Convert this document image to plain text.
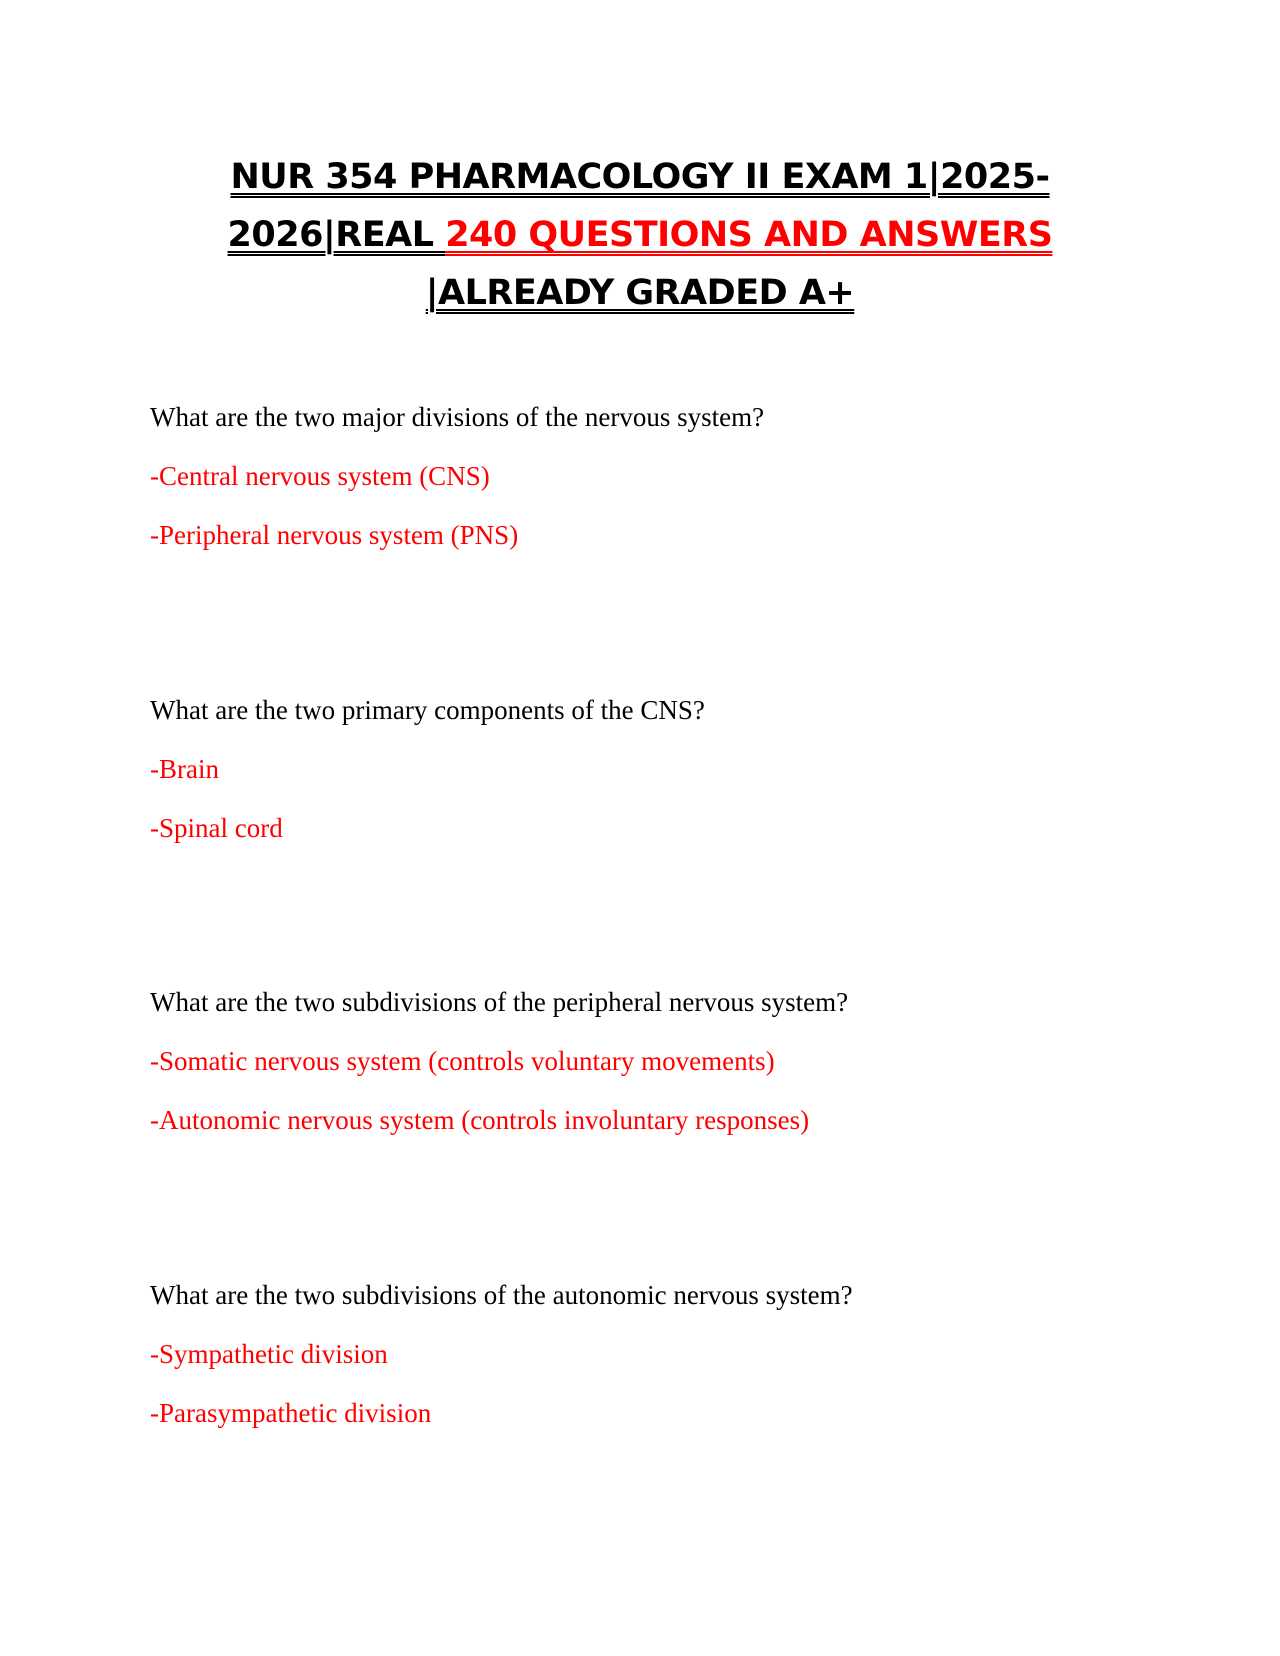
NUR 354 PHARMACOLOGY II EXAM 1|2025-2026|REAL 240 QUESTIONS AND ANSWERS |ALREADY GRADED A+

What are the two major divisions of the nervous system?

-Central nervous system (CNS)

-Peripheral nervous system (PNS)

What are the two primary components of the CNS?

-Brain

-Spinal cord

What are the two subdivisions of the peripheral nervous system?

-Somatic nervous system (controls voluntary movements)

-Autonomic nervous system (controls involuntary responses)

What are the two subdivisions of the autonomic nervous system?

-Sympathetic division

-Parasympathetic division
